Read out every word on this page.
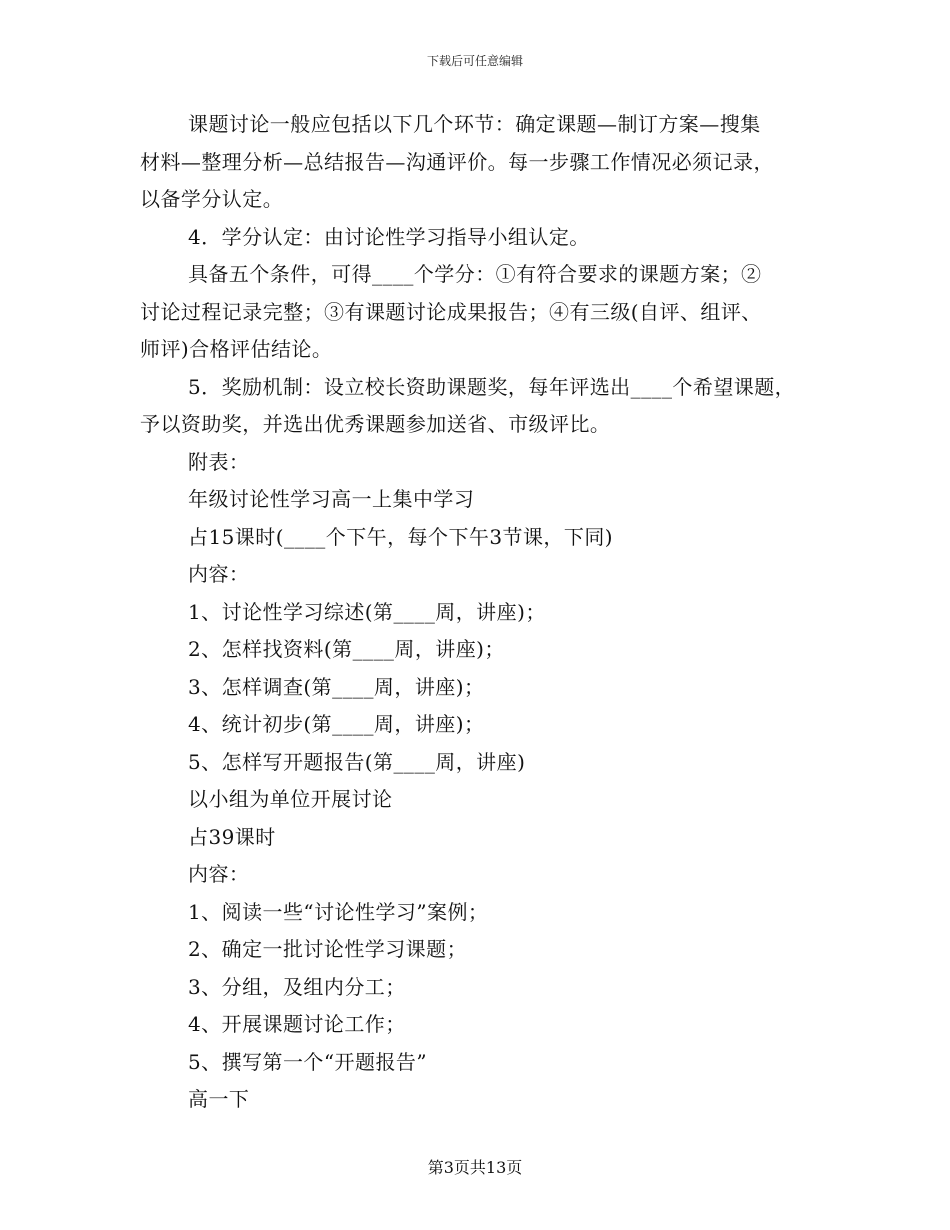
下载后可任意编辑
课题讨论一般应包括以下几个环节：确定课题—制订方案—搜集
材料—整理分析—总结报告—沟通评价。每一步骤工作情况必须记录，
以备学分认定。
4．学分认定：由讨论性学习指导小组认定。
具备五个条件，可得____个学分：①有符合要求的课题方案；②
讨论过程记录完整；③有课题讨论成果报告；④有三级(自评、组评、
师评)合格评估结论。
5．奖励机制：设立校长资助课题奖，每年评选出____个希望课题，
予以资助奖，并选出优秀课题参加送省、市级评比。
附表：
年级讨论性学习高一上集中学习
占15课时(____个下午，每个下午3节课，下同)
内容：
1、讨论性学习综述(第____周，讲座)；
2、怎样找资料(第____周，讲座)；
3、怎样调查(第____周，讲座)；
4、统计初步(第____周，讲座)；
5、怎样写开题报告(第____周，讲座)
以小组为单位开展讨论
占39课时
内容：
1、阅读一些“讨论性学习”案例；
2、确定一批讨论性学习课题；
3、分组，及组内分工；
4、开展课题讨论工作；
5、撰写第一个“开题报告”
高一下
第3页共13页
